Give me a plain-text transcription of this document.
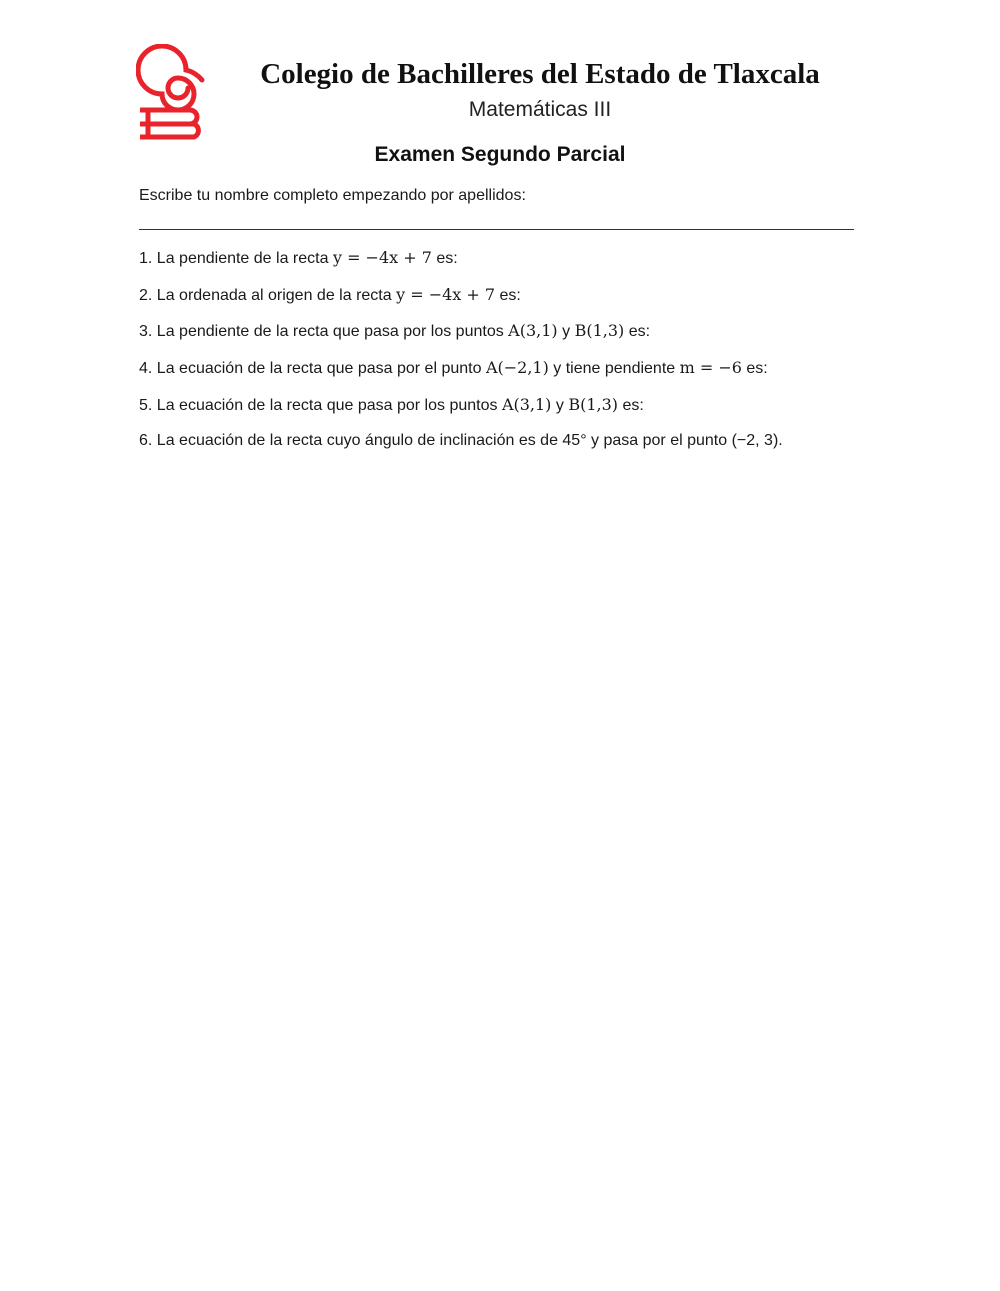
Colegio de Bachilleres del Estado de Tlaxcala
Matemáticas III
Examen Segundo Parcial
Escribe tu nombre completo empezando por apellidos:
1. La pendiente de la recta y = −4x + 7 es:
2. La ordenada al origen de la recta y = −4x + 7 es:
3. La pendiente de la recta que pasa por los puntos A(3,1) y B(1,3) es:
4. La ecuación de la recta que pasa por el punto A(−2,1) y tiene pendiente m = −6 es:
5. La ecuación de la recta que pasa por los puntos A(3,1) y B(1,3) es:
6. La ecuación de la recta cuyo ángulo de inclinación es de 45° y pasa por el punto (−2, 3).
